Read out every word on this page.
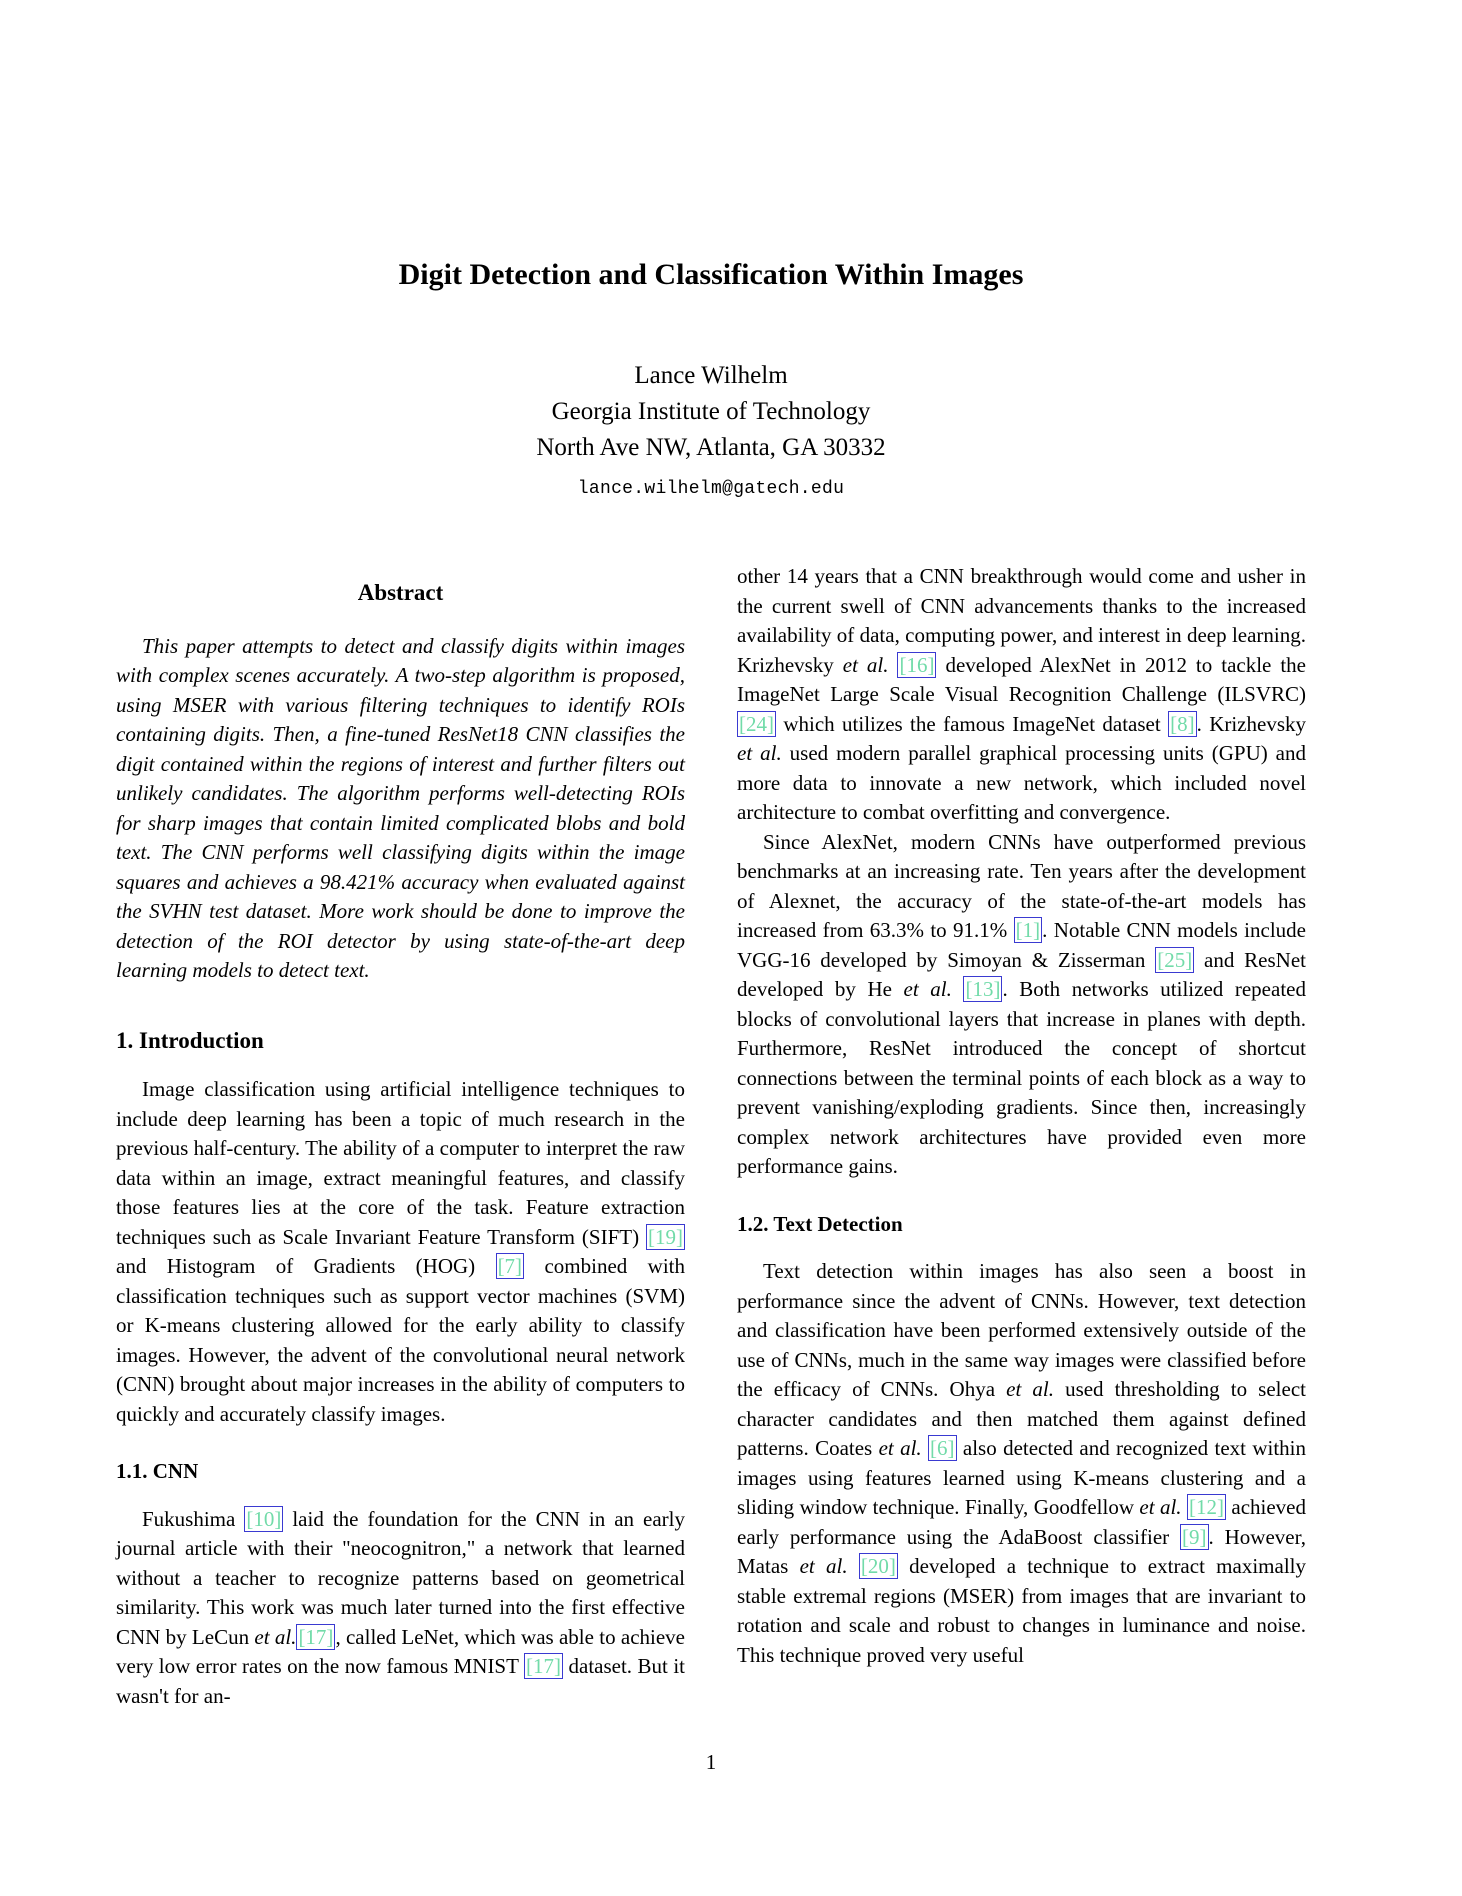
Digit Detection and Classification Within Images
Lance Wilhelm
Georgia Institute of Technology
North Ave NW, Atlanta, GA 30332
lance.wilhelm@gatech.edu
Abstract

This paper attempts to detect and classify digits within images with complex scenes accurately. A two-step algorithm is proposed, using MSER with various filtering techniques to identify ROIs containing digits. Then, a fine-tuned ResNet18 CNN classifies the digit contained within the regions of interest and further filters out unlikely candidates. The algorithm performs well-detecting ROIs for sharp images that contain limited complicated blobs and bold text. The CNN performs well classifying digits within the image squares and achieves a 98.421% accuracy when evaluated against the SVHN test dataset. More work should be done to improve the detection of the ROI detector by using state-of-the-art deep learning models to detect text.

1. Introduction

Image classification using artificial intelligence techniques to include deep learning has been a topic of much research in the previous half-century. The ability of a computer to interpret the raw data within an image, extract meaningful features, and classify those features lies at the core of the task. Feature extraction techniques such as Scale Invariant Feature Transform (SIFT) [19] and Histogram of Gradients (HOG) [7] combined with classification techniques such as support vector machines (SVM) or K-means clustering allowed for the early ability to classify images. However, the advent of the convolutional neural network (CNN) brought about major increases in the ability of computers to quickly and accurately classify images.

1.1. CNN

Fukushima [10] laid the foundation for the CNN in an early journal article with their "neocognitron," a network that learned without a teacher to recognize patterns based on geometrical similarity. This work was much later turned into the first effective CNN by LeCun et al.[17], called LeNet, which was able to achieve very low error rates on the now famous MNIST [17] dataset. But it wasn't for an-

other 14 years that a CNN breakthrough would come and usher in the current swell of CNN advancements thanks to the increased availability of data, computing power, and interest in deep learning. Krizhevsky et al. [16] developed AlexNet in 2012 to tackle the ImageNet Large Scale Visual Recognition Challenge (ILSVRC) [24] which utilizes the famous ImageNet dataset [8]. Krizhevsky et al. used modern parallel graphical processing units (GPU) and more data to innovate a new network, which included novel architecture to combat overfitting and convergence.

Since AlexNet, modern CNNs have outperformed previous benchmarks at an increasing rate. Ten years after the development of Alexnet, the accuracy of the state-of-the-art models has increased from 63.3% to 91.1% [1]. Notable CNN models include VGG-16 developed by Simoyan & Zisserman [25] and ResNet developed by He et al. [13]. Both networks utilized repeated blocks of convolutional layers that increase in planes with depth. Furthermore, ResNet introduced the concept of shortcut connections between the terminal points of each block as a way to prevent vanishing/exploding gradients. Since then, increasingly complex network architectures have provided even more performance gains.

1.2. Text Detection

Text detection within images has also seen a boost in performance since the advent of CNNs. However, text detection and classification have been performed extensively outside of the use of CNNs, much in the same way images were classified before the efficacy of CNNs. Ohya et al. used thresholding to select character candidates and then matched them against defined patterns. Coates et al. [6] also detected and recognized text within images using features learned using K-means clustering and a sliding window technique. Finally, Goodfellow et al. [12] achieved early performance using the AdaBoost classifier [9]. However, Matas et al. [20] developed a technique to extract maximally stable extremal regions (MSER) from images that are invariant to rotation and scale and robust to changes in luminance and noise. This technique proved very useful

1
